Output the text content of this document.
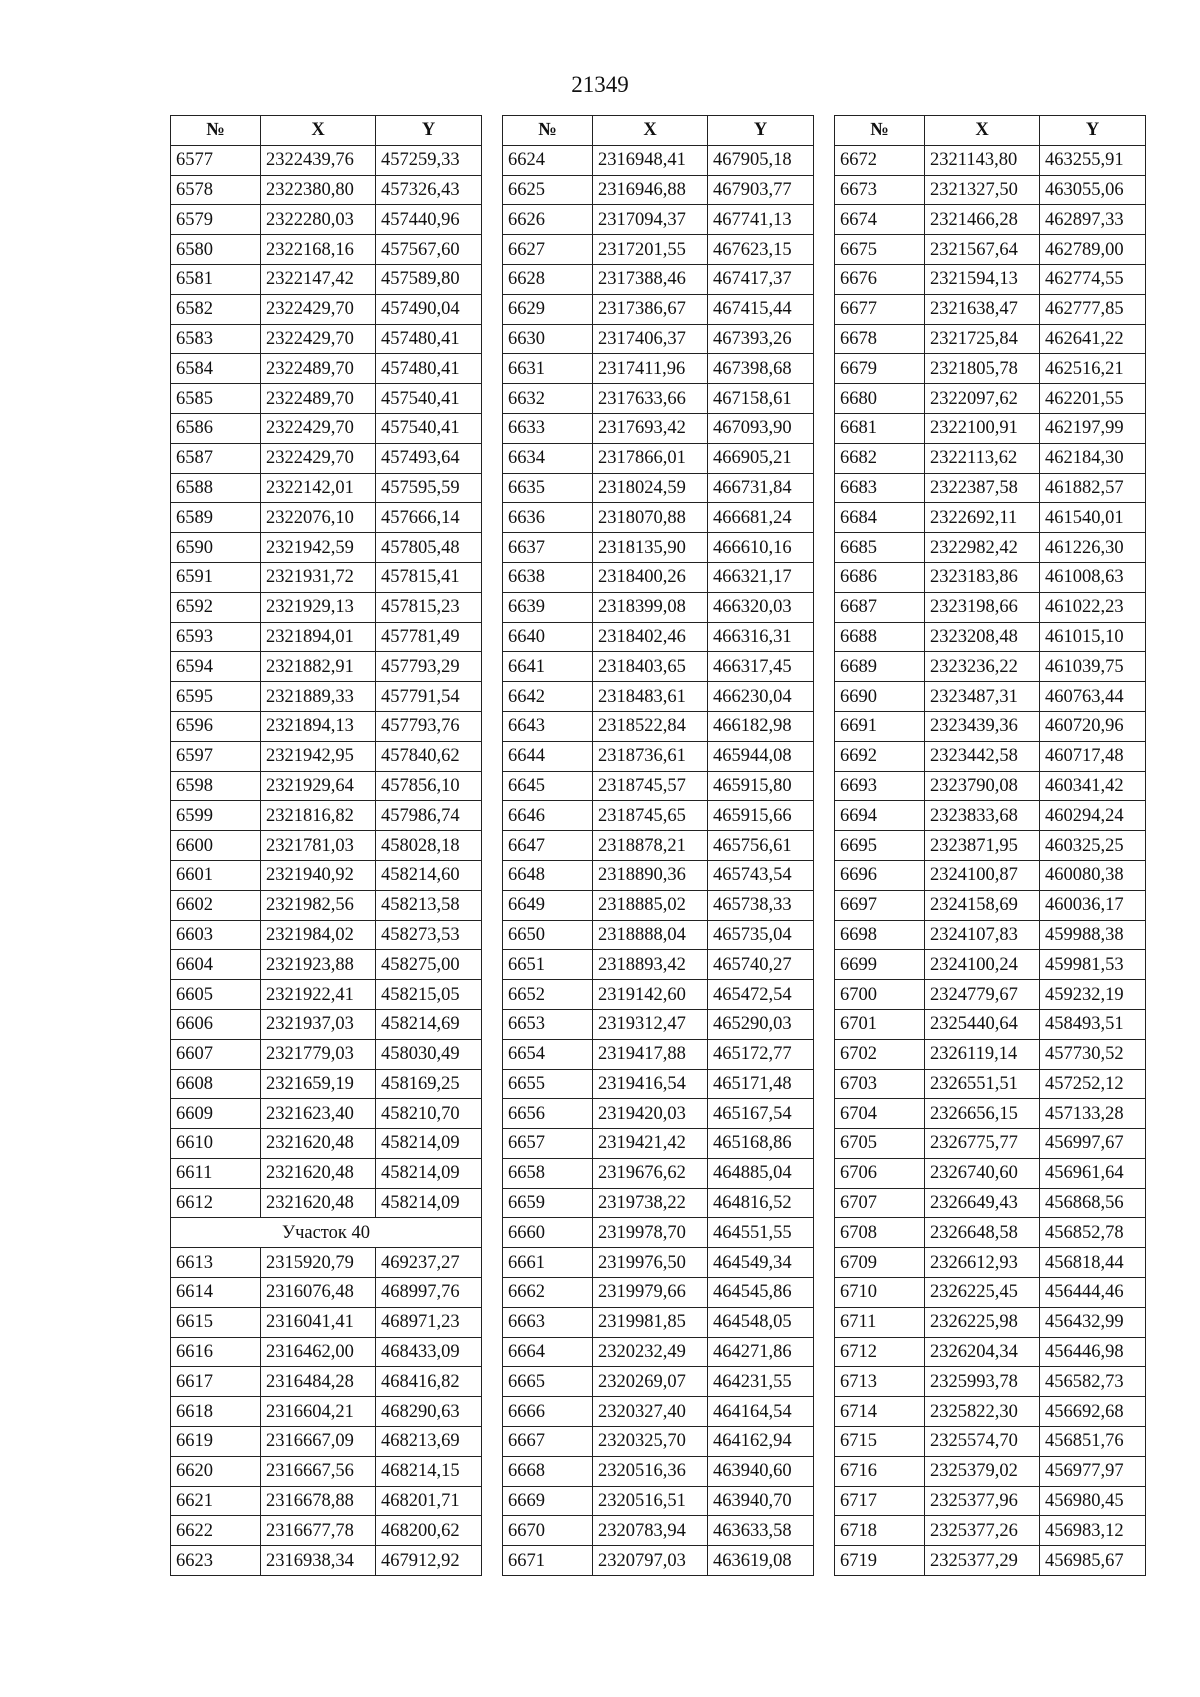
21349
№	X	Y
6577	2322439,76	457259,33
6578	2322380,80	457326,43
6579	2322280,03	457440,96
6580	2322168,16	457567,60
6581	2322147,42	457589,80
6582	2322429,70	457490,04
6583	2322429,70	457480,41
6584	2322489,70	457480,41
6585	2322489,70	457540,41
6586	2322429,70	457540,41
6587	2322429,70	457493,64
6588	2322142,01	457595,59
6589	2322076,10	457666,14
6590	2321942,59	457805,48
6591	2321931,72	457815,41
6592	2321929,13	457815,23
6593	2321894,01	457781,49
6594	2321882,91	457793,29
6595	2321889,33	457791,54
6596	2321894,13	457793,76
6597	2321942,95	457840,62
6598	2321929,64	457856,10
6599	2321816,82	457986,74
6600	2321781,03	458028,18
6601	2321940,92	458214,60
6602	2321982,56	458213,58
6603	2321984,02	458273,53
6604	2321923,88	458275,00
6605	2321922,41	458215,05
6606	2321937,03	458214,69
6607	2321779,03	458030,49
6608	2321659,19	458169,25
6609	2321623,40	458210,70
6610	2321620,48	458214,09
6611	2321620,48	458214,09
6612	2321620,48	458214,09
Участок 40		
6613	2315920,79	469237,27
6614	2316076,48	468997,76
6615	2316041,41	468971,23
6616	2316462,00	468433,09
6617	2316484,28	468416,82
6618	2316604,21	468290,63
6619	2316667,09	468213,69
6620	2316667,56	468214,15
6621	2316678,88	468201,71
6622	2316677,78	468200,62
6623	2316938,34	467912,92
№	X	Y
6624	2316948,41	467905,18
6625	2316946,88	467903,77
6626	2317094,37	467741,13
6627	2317201,55	467623,15
6628	2317388,46	467417,37
6629	2317386,67	467415,44
6630	2317406,37	467393,26
6631	2317411,96	467398,68
6632	2317633,66	467158,61
6633	2317693,42	467093,90
6634	2317866,01	466905,21
6635	2318024,59	466731,84
6636	2318070,88	466681,24
6637	2318135,90	466610,16
6638	2318400,26	466321,17
6639	2318399,08	466320,03
6640	2318402,46	466316,31
6641	2318403,65	466317,45
6642	2318483,61	466230,04
6643	2318522,84	466182,98
6644	2318736,61	465944,08
6645	2318745,57	465915,80
6646	2318745,65	465915,66
6647	2318878,21	465756,61
6648	2318890,36	465743,54
6649	2318885,02	465738,33
6650	2318888,04	465735,04
6651	2318893,42	465740,27
6652	2319142,60	465472,54
6653	2319312,47	465290,03
6654	2319417,88	465172,77
6655	2319416,54	465171,48
6656	2319420,03	465167,54
6657	2319421,42	465168,86
6658	2319676,62	464885,04
6659	2319738,22	464816,52
6660	2319978,70	464551,55
6661	2319976,50	464549,34
6662	2319979,66	464545,86
6663	2319981,85	464548,05
6664	2320232,49	464271,86
6665	2320269,07	464231,55
6666	2320327,40	464164,54
6667	2320325,70	464162,94
6668	2320516,36	463940,60
6669	2320516,51	463940,70
6670	2320783,94	463633,58
6671	2320797,03	463619,08
№	X	Y
6672	2321143,80	463255,91
6673	2321327,50	463055,06
6674	2321466,28	462897,33
6675	2321567,64	462789,00
6676	2321594,13	462774,55
6677	2321638,47	462777,85
6678	2321725,84	462641,22
6679	2321805,78	462516,21
6680	2322097,62	462201,55
6681	2322100,91	462197,99
6682	2322113,62	462184,30
6683	2322387,58	461882,57
6684	2322692,11	461540,01
6685	2322982,42	461226,30
6686	2323183,86	461008,63
6687	2323198,66	461022,23
6688	2323208,48	461015,10
6689	2323236,22	461039,75
6690	2323487,31	460763,44
6691	2323439,36	460720,96
6692	2323442,58	460717,48
6693	2323790,08	460341,42
6694	2323833,68	460294,24
6695	2323871,95	460325,25
6696	2324100,87	460080,38
6697	2324158,69	460036,17
6698	2324107,83	459988,38
6699	2324100,24	459981,53
6700	2324779,67	459232,19
6701	2325440,64	458493,51
6702	2326119,14	457730,52
6703	2326551,51	457252,12
6704	2326656,15	457133,28
6705	2326775,77	456997,67
6706	2326740,60	456961,64
6707	2326649,43	456868,56
6708	2326648,58	456852,78
6709	2326612,93	456818,44
6710	2326225,45	456444,46
6711	2326225,98	456432,99
6712	2326204,34	456446,98
6713	2325993,78	456582,73
6714	2325822,30	456692,68
6715	2325574,70	456851,76
6716	2325379,02	456977,97
6717	2325377,96	456980,45
6718	2325377,26	456983,12
6719	2325377,29	456985,67
